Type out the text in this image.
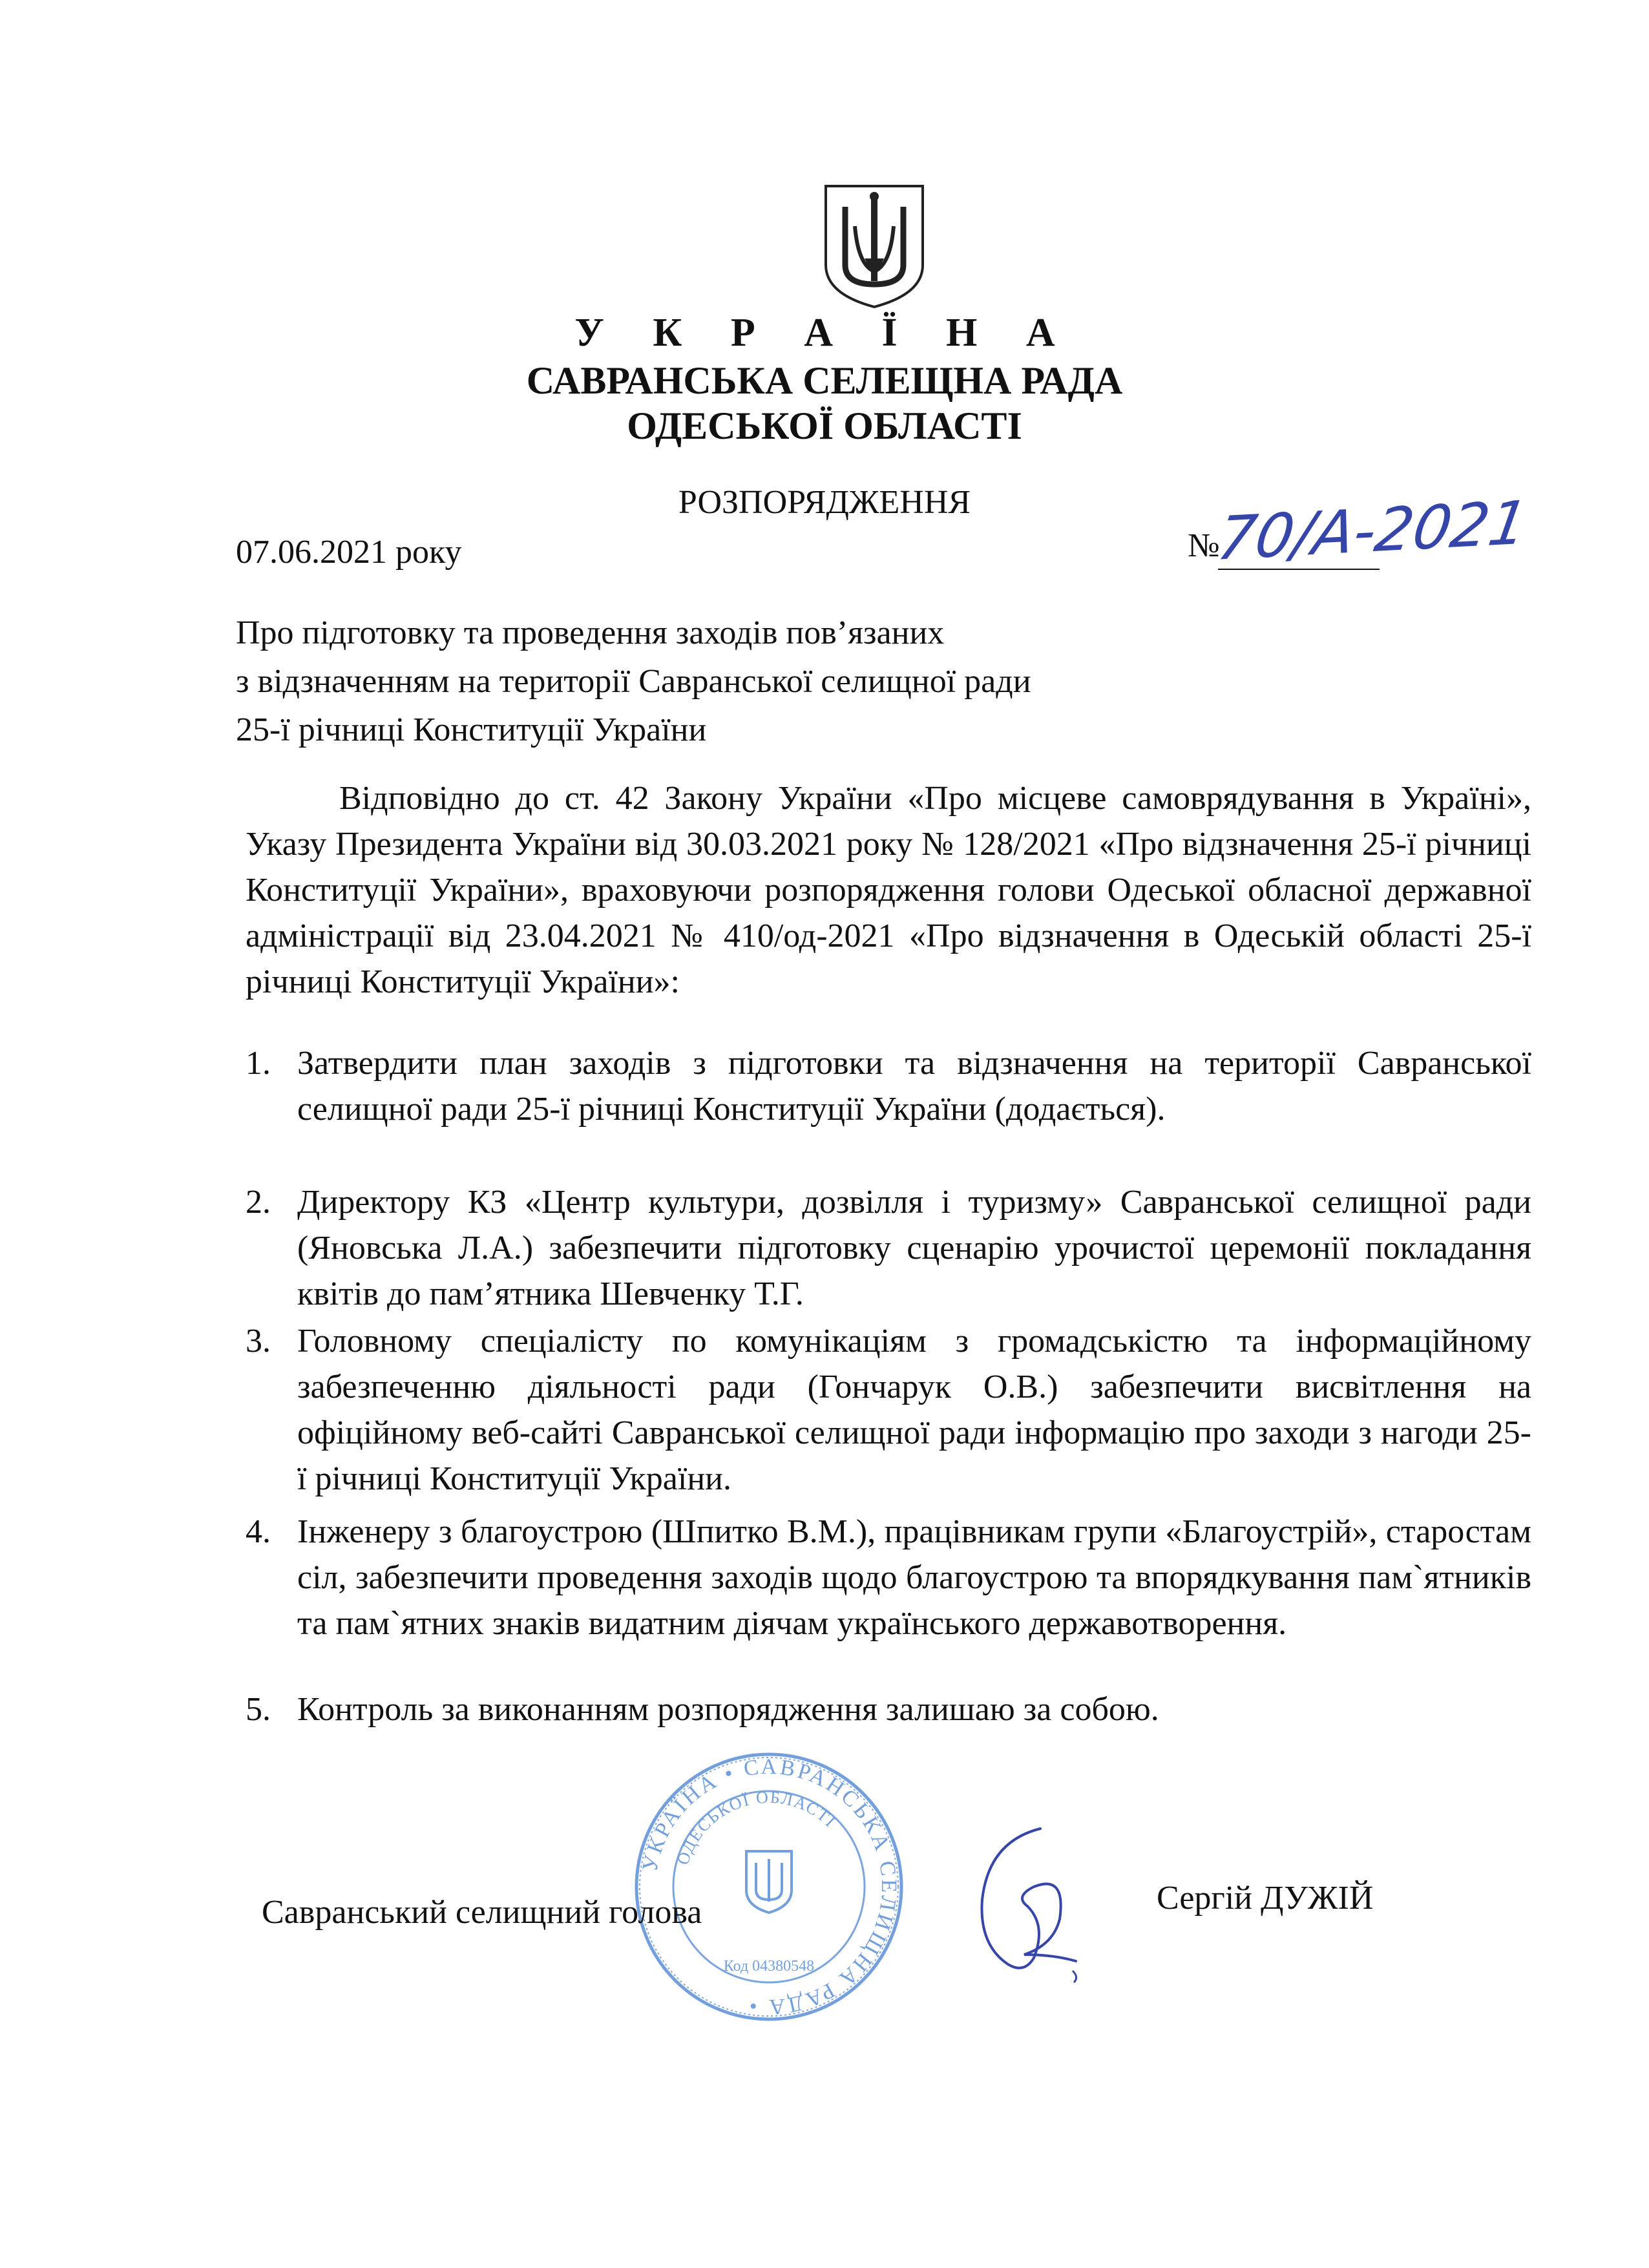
У К Р А Ї Н А
САВРАНСЬКА СЕЛЕЩНА РАДА
ОДЕСЬКОЇ ОБЛАСТІ
РОЗПОРЯДЖЕННЯ
07.06.2021 року	№
70/А-2021
Про підготовку та проведення заходів пов’язаних
з відзначенням на території Савранської селищної ради
25-ї річниці Конституції України
Відповідно до ст. 42 Закону України «Про місцеве самоврядування в Україні», Указу Президента України від 30.03.2021 року № 128/2021 «Про відзначення 25-ї річниці Конституції України», враховуючи розпорядження голови Одеської обласної державної адміністрації від 23.04.2021 № 410/од-2021 «Про відзначення в Одеській області 25-ї річниці Конституції України»:
1. Затвердити план заходів з підготовки та відзначення на території Савранської селищної ради 25-ї річниці Конституції України (додається).
2. Директору КЗ «Центр культури, дозвілля і туризму» Савранської селищної ради (Яновська Л.А.) забезпечити підготовку сценарію урочистої церемонії покладання квітів до пам’ятника Шевченку Т.Г.
3. Головному спеціалісту по комунікаціям з громадськістю та інформаційному забезпеченню діяльності ради (Гончарук О.В.) забезпечити висвітлення на офіційному веб-сайті Савранської селищної ради інформацію про заходи з нагоди 25-ї річниці Конституції України.
4. Інженеру з благоустрою (Шпитко В.М.), працівникам групи «Благоустрій», старостам сіл, забезпечити проведення заходів щодо благоустрою та впорядкування пам`ятників та пам`ятних знаків видатним діячам українського державотворення.
5. Контроль за виконанням розпорядження залишаю за собою.
УКРАЇНА • САВРАНСЬКА СЕЛИЩНА РАДА •
ОДЕСЬКОЇ ОБЛАСТІ
Код 04380548
Савранський селищний голова	Сергій ДУЖІЙ
